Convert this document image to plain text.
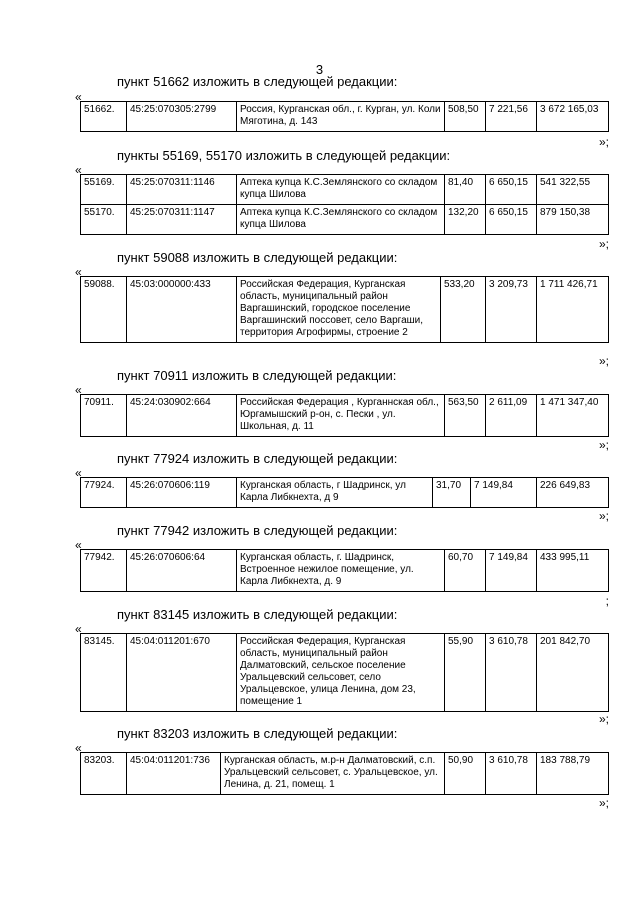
3
пункт 51662 изложить в следующей редакции:
«
51662.	45:25:070305:2799	Россия, Курганская обл., г. Курган, ул. Коли Мяготина, д. 143	508,50	7 221,56	3 672 165,03
»;
пункты 55169, 55170 изложить в следующей редакции:
«
55169.	45:25:070311:1146	Аптека купца К.С.Землянского со складом купца Шилова	81,40	6 650,15	541 322,55
55170.	45:25:070311:1147	Аптека купца К.С.Землянского со складом купца Шилова	132,20	6 650,15	879 150,38
»;
пункт 59088 изложить в следующей редакции:
«
59088.	45:03:000000:433	Российская Федерация, Курганская область, муниципальный район Варгашинский, городское поселение Варгашинский поссовет, село Варгаши, территория Агрофирмы, строение 2	533,20	3 209,73	1 711 426,71
»;
пункт 70911 изложить в следующей редакции:
«
70911.	45:24:030902:664	Российская Федерация , Курганнская обл., Юргамышский р-он, с. Пески , ул. Школьная, д. 11	563,50	2 611,09	1 471 347,40
»;
пункт 77924 изложить в следующей редакции:
«
77924.	45:26:070606:119	Курганская область, г Шадринск, ул Карла Либкнехта, д 9	31,70	7 149,84	226 649,83
»;
пункт 77942 изложить в следующей редакции:
«
77942.	45:26:070606:64	Курганская область, г. Шадринск, Встроенное нежилое помещение, ул. Карла Либкнехта, д. 9	60,70	7 149,84	433 995,11
;
пункт 83145 изложить в следующей редакции:
«
83145.	45:04:011201:670	Российская Федерация, Курганская область, муниципальный район Далматовский, сельское поселение Уральцевский сельсовет, село Уральцевское, улица Ленина, дом 23, помещение 1	55,90	3 610,78	201 842,70
»;
пункт 83203 изложить в следующей редакции:
«
83203.	45:04:011201:736	Курганская область, м.р-н Далматовский, с.п. Уральцевский сельсовет, с. Уральцевское, ул. Ленина, д. 21, помещ. 1	50,90	3 610,78	183 788,79
»;
